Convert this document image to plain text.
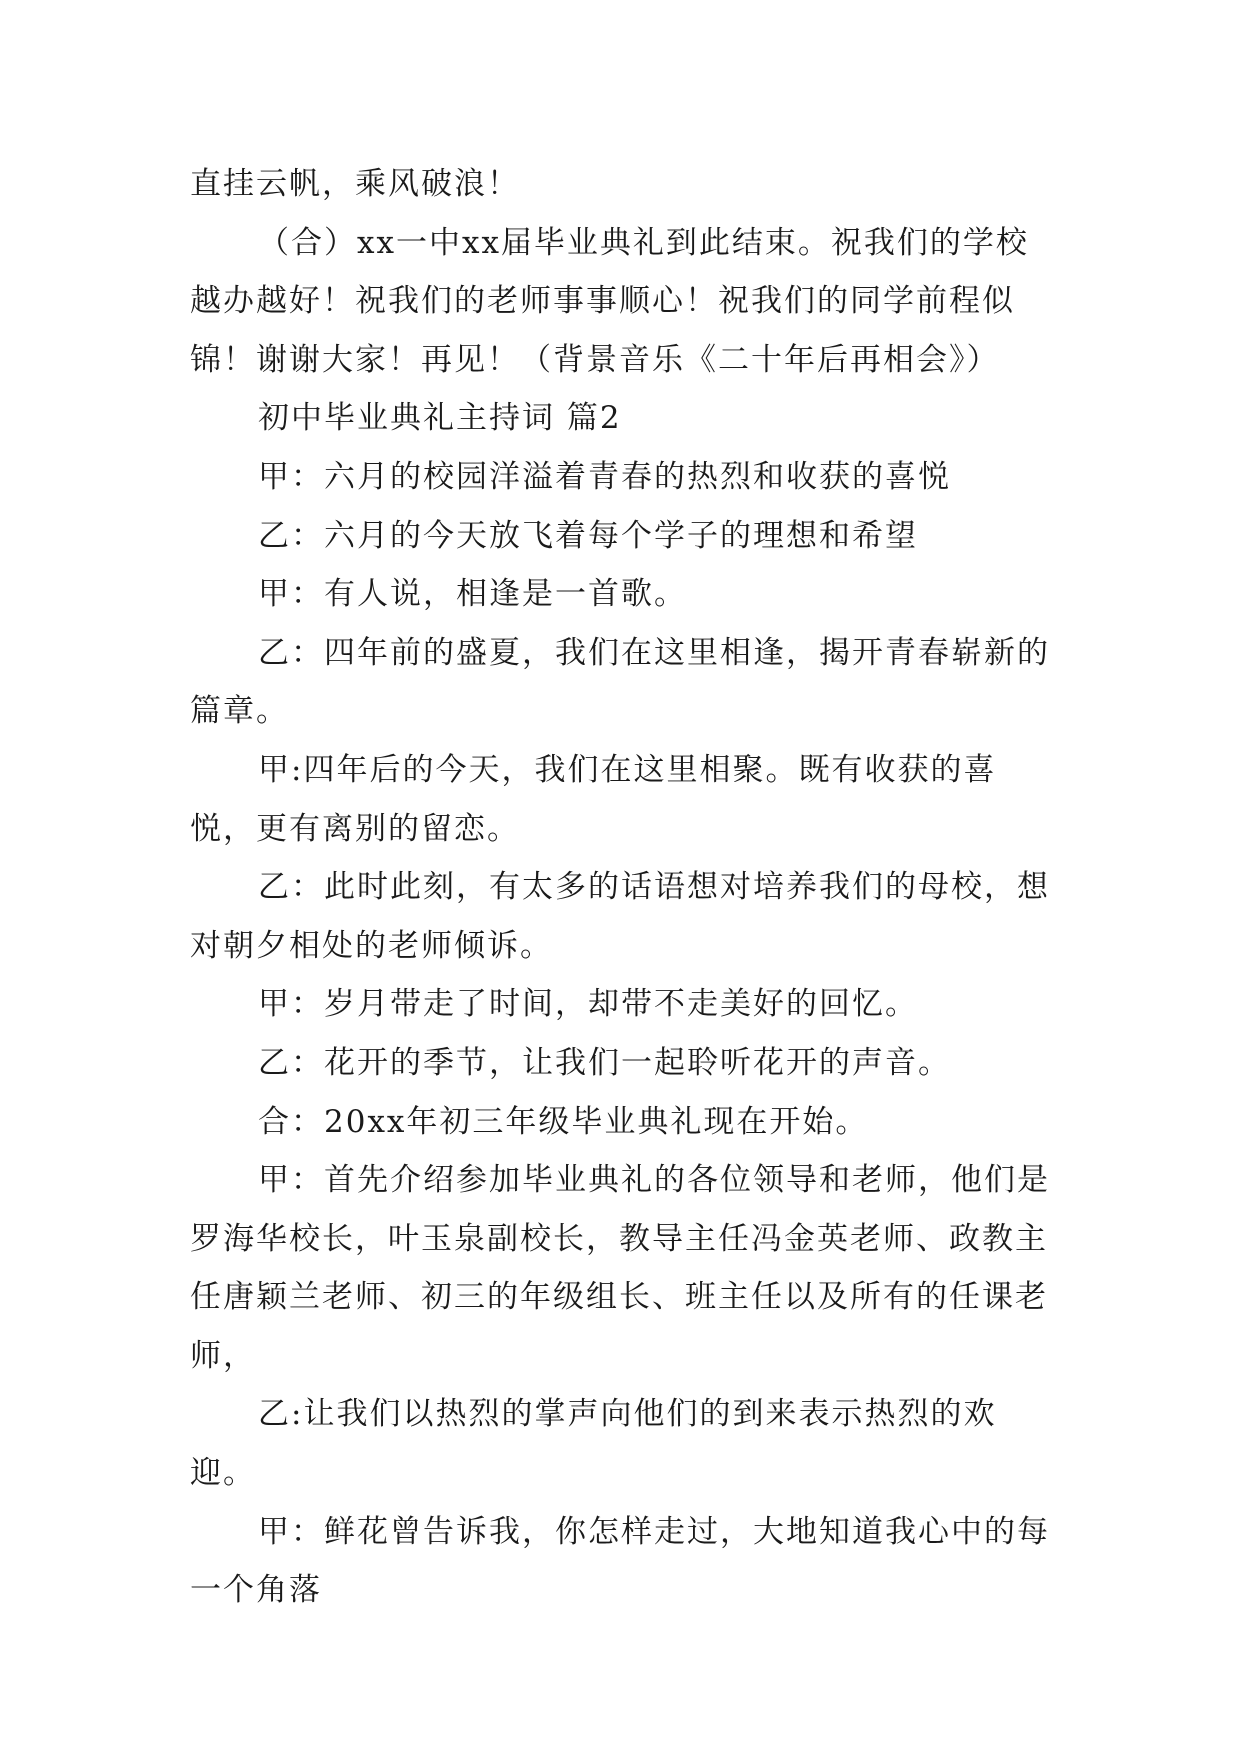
直挂云帆，乘风破浪！

（合）xx一中xx届毕业典礼到此结束。祝我们的学校越办越好！祝我们的老师事事顺心！祝我们的同学前程似锦！谢谢大家！再见！（背景音乐《二十年后再相会》）

初中毕业典礼主持词 篇2

甲：六月的校园洋溢着青春的热烈和收获的喜悦

乙：六月的今天放飞着每个学子的理想和希望

甲：有人说，相逢是一首歌。

乙：四年前的盛夏，我们在这里相逢，揭开青春崭新的篇章。

甲:四年后的今天，我们在这里相聚。既有收获的喜悦，更有离别的留恋。

乙：此时此刻，有太多的话语想对培养我们的母校，想对朝夕相处的老师倾诉。

甲：岁月带走了时间，却带不走美好的回忆。

乙：花开的季节，让我们一起聆听花开的声音。

合：20xx年初三年级毕业典礼现在开始。

甲：首先介绍参加毕业典礼的各位领导和老师，他们是罗海华校长，叶玉泉副校长，教导主任冯金英老师、政教主任唐颖兰老师、初三的年级组长、班主任以及所有的任课老师，

乙:让我们以热烈的掌声向他们的到来表示热烈的欢迎。

甲：鲜花曾告诉我，你怎样走过，大地知道我心中的每一个角落
